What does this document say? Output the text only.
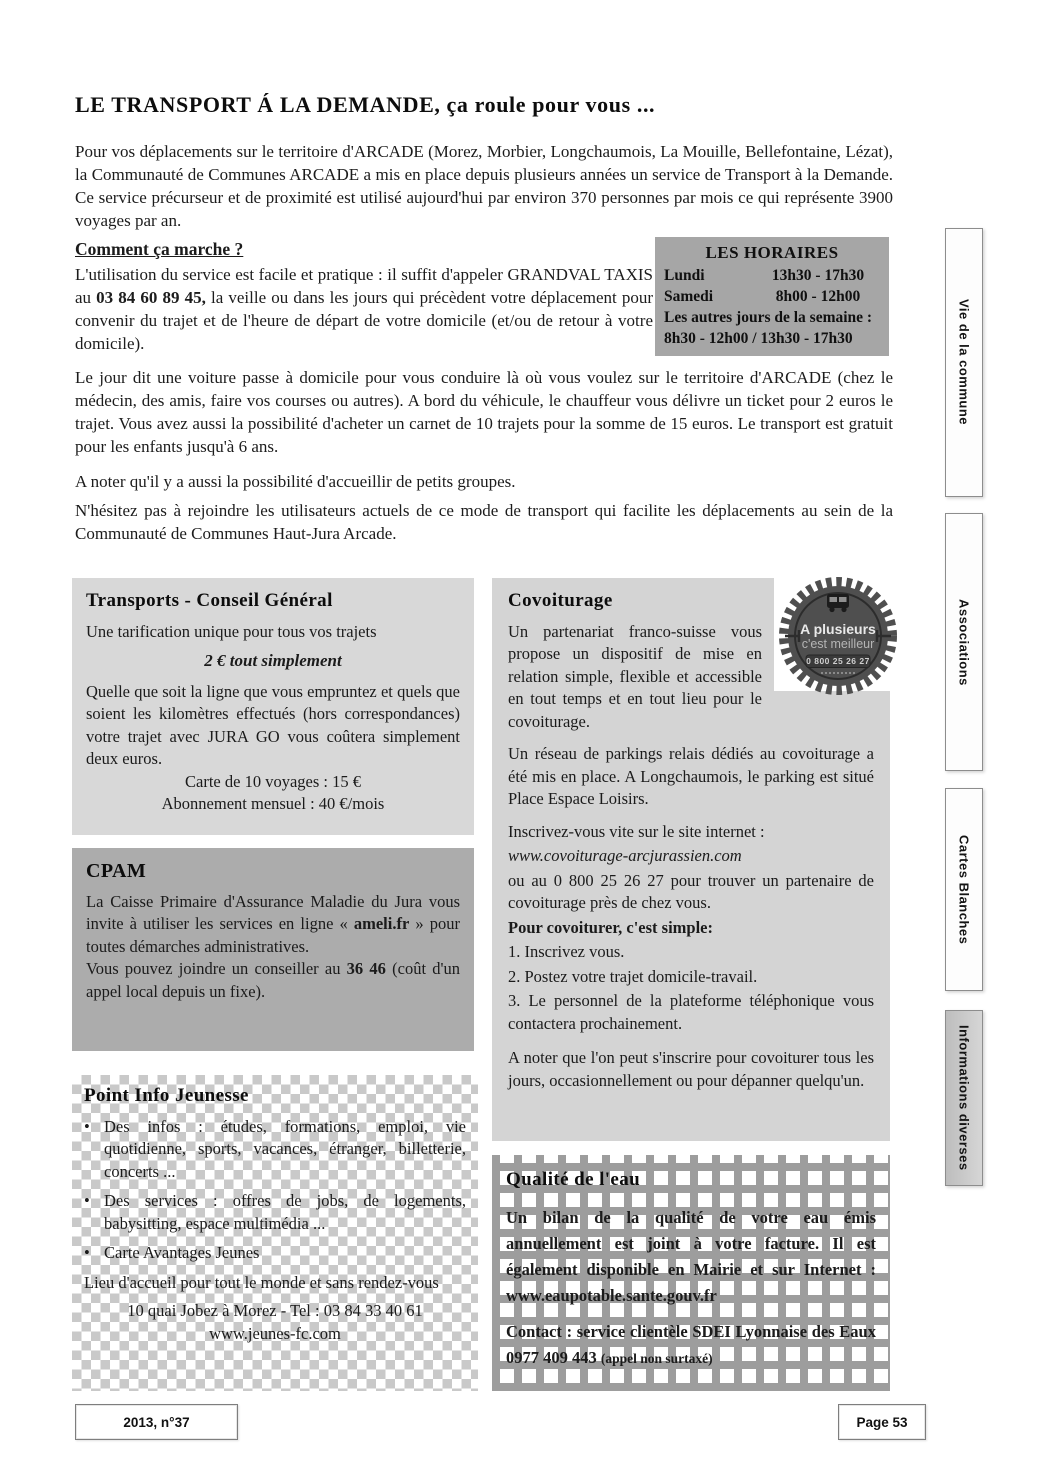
LE TRANSPORT Á LA DEMANDE, ça roule pour vous ...
Pour vos déplacements sur le territoire d'ARCADE (Morez, Morbier, Longchaumois, La Mouille, Bellefontaine, Lézat), la Communauté de Communes ARCADE a mis en place depuis plusieurs années un service de Transport à la Demande. Ce service précurseur et de proximité est utilisé aujourd'hui par environ 370 personnes par mois ce qui représente 3900 voyages par an.
Comment ça marche ?
L'utilisation du service est facile et pratique : il suffit d'appeler GRANDVAL TAXIS au 03 84 60 89 45, la veille ou dans les jours qui précèdent votre déplacement pour convenir du trajet et de l'heure de départ de votre domicile (et/ou de retour à votre domicile).
LES HORAIRES
Lundi	13h30 - 17h30
Samedi	8h00 - 12h00
Les autres jours de la semaine :
8h30 - 12h00 / 13h30 - 17h30
Le jour dit une voiture passe à domicile pour vous conduire là où vous voulez sur le territoire d'ARCADE (chez le médecin, des amis, faire vos courses ou autres). A bord du véhicule, le chauffeur vous délivre un ticket pour 2 euros le trajet. Vous avez aussi la possibilité d'acheter un carnet de 10 trajets pour la somme de 15 euros. Le transport est gratuit pour les enfants jusqu'à 6 ans.
A noter qu'il y a aussi la possibilité d'accueillir de petits groupes.
N'hésitez pas à rejoindre les utilisateurs actuels de ce mode de transport qui facilite les déplacements au sein de la Communauté de Communes Haut-Jura Arcade.
Transports - Conseil Général
Une tarification unique pour tous vos trajets
2 € tout simplement
Quelle que soit la ligne que vous empruntez et quels que soient les kilomètres effectués (hors correspondances) votre trajet avec JURA GO vous coûtera simplement deux euros.
Carte de 10 voyages : 15 €
Abonnement mensuel : 40 €/mois
CPAM
La Caisse Primaire d'Assurance Maladie du Jura vous invite à utiliser les services en ligne « ameli.fr » pour toutes démarches administratives.
Vous pouvez joindre un conseiller au 36 46 (coût d'un appel local depuis un fixe).
Point Info Jeunesse
• Des infos : études, formations, emploi, vie quotidienne, sports, vacances, étranger, billetterie, concerts ...
• Des services : offres de jobs, de logements, babysitting, espace multimédia ...
• Carte Avantages Jeunes
Lieu d'accueil pour tout le monde et sans rendez-vous
10 quai Jobez à Morez - Tel : 03 84 33 40 61
www.jeunes-fc.com
A plusieurs
c'est meilleur
0 800 25 26 27
Covoiturage

Un partenariat franco-suisse vous propose un dispositif de mise en relation simple, flexible et accessible en tout temps et en tout lieu pour le covoiturage.

Un réseau de parkings relais dédiés au covoiturage a été mis en place. A Longchaumois, le parking est situé Place Espace Loisirs.

Inscrivez-vous vite sur le site internet :

www.covoiturage-arcjurassien.com

ou au 0 800 25 26 27 pour trouver un partenaire de covoiturage près de chez vous.

Pour covoiturer, c'est simple:

1. Inscrivez vous.

2. Postez votre trajet domicile-travail.

3. Le personnel de la plateforme téléphonique vous contactera prochainement.

A noter que l'on peut s'inscrire pour covoiturer tous les jours, occasionnellement ou pour dépanner quelqu'un.

Qualité de l'eau

Un bilan de la qualité de votre eau émis annuellement est joint à votre facture. Il est également disponible en Mairie et sur Internet : www.eaupotable.sante.gouv.fr

Contact : service clientèle SDEI Lyonnaise des Eaux 0977 409 443 (appel non surtaxé)

Vie de la commune
Associations
Cartes Blanches
Informations diverses
2013, n°37	Page 53
